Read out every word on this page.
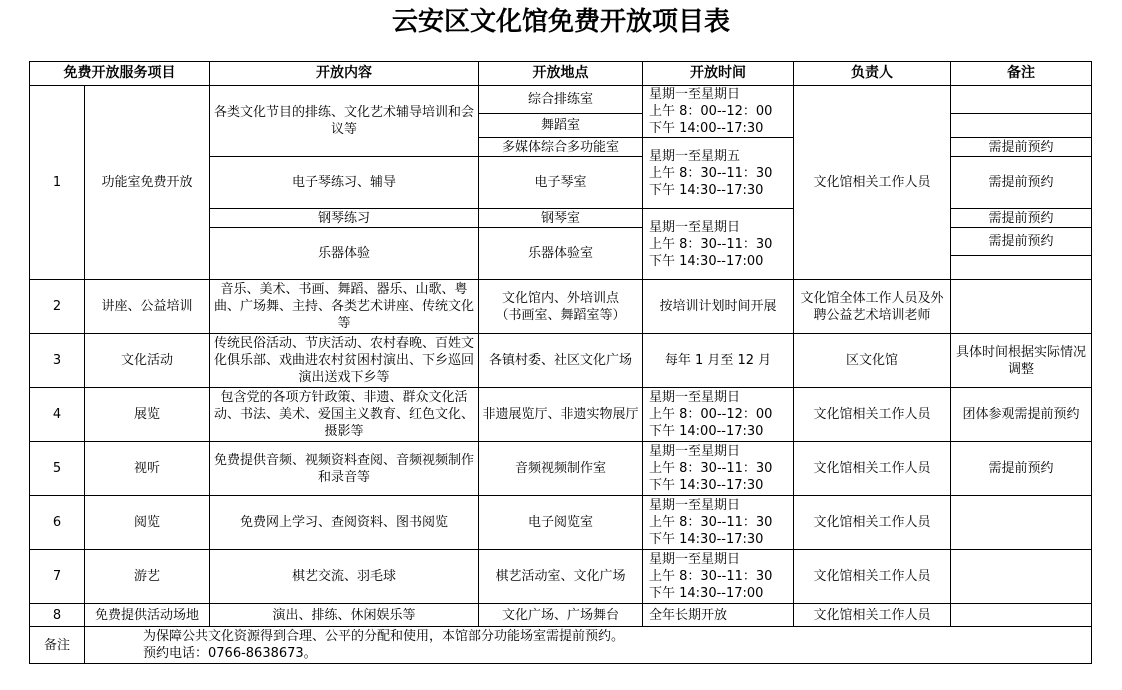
云安区文化馆免费开放项目表
免费开放服务项目		开放内容	开放地点	开放时间	负责人	备注
1	功能室免费开放	各类文化节目的排练、文化艺术辅导培训和会议等	综合排练室	星期一至星期日
上午 8：00--12：00
下午 14:00--17:30	文化馆相关工作人员	
			舞蹈室			
			多媒体综合多功能室	星期一至星期五
上午 8：30--11：30
下午 14:30--17:30		需提前预约
		电子琴练习、辅导	电子琴室			需提前预约

		钢琴练习	钢琴室	星期一至星期日
上午 8：30--11：30
下午 14:30--17:00		需提前预约
		乐器体验	乐器体验室			需提前预约

2	讲座、公益培训	音乐、美术、书画、舞蹈、器乐、山歌、粤曲、广场舞、主持、各类艺术讲座、传统文化等	文化馆内、外培训点
（书画室、舞蹈室等）	按培训计划时间开展	文化馆全体工作人员及外聘公益艺术培训老师	
3	文化活动	传统民俗活动、节庆活动、农村春晚、百姓文化俱乐部、戏曲进农村贫困村演出、下乡巡回演出送戏下乡等	各镇村委、社区文化广场	每年 1 月至 12 月	区文化馆	具体时间根据实际情况调整
4	展览	包含党的各项方针政策、非遗、群众文化活动、书法、美术、爱国主义教育、红色文化、摄影等	非遗展览厅、非遗实物展厅	星期一至星期日
上午 8：00--12：00
下午 14:00--17:30	文化馆相关工作人员	团体参观需提前预约
5	视听	免费提供音频、视频资料查阅、音频视频制作和录音等	音频视频制作室	星期一至星期日
上午 8：30--11：30
下午 14:30--17:30	文化馆相关工作人员	需提前预约
6	阅览	免费网上学习、查阅资料、图书阅览	电子阅览室	星期一至星期日
上午 8：30--11：30
下午 14:30--17:30	文化馆相关工作人员	
7	游艺	棋艺交流、羽毛球	棋艺活动室、文化广场	星期一至星期日
上午 8：30--11：30
下午 14:30--17:00	文化馆相关工作人员	
8	免费提供活动场地	演出、排练、休闲娱乐等	文化广场、广场舞台	全年长期开放	文化馆相关工作人员	
备注	为保障公共文化资源得到合理、公平的分配和使用，本馆部分功能场室需提前预约。
预约电话：0766-8638673。					
